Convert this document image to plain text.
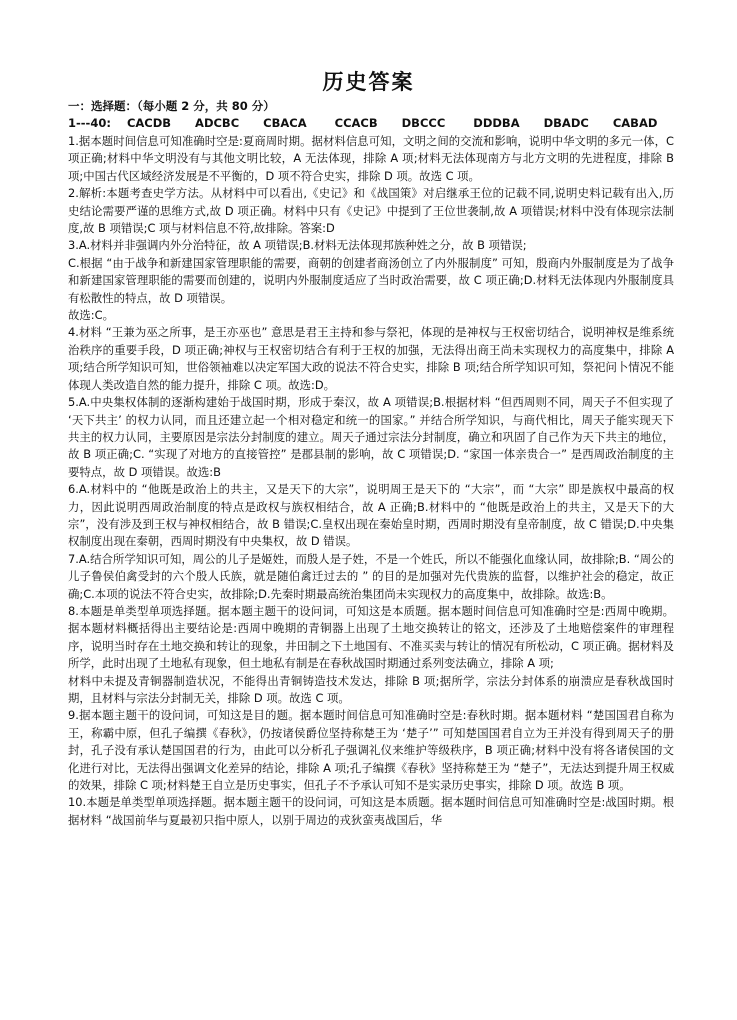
历史答案
一：选择题：（每小题 2 分，共 80 分）
1---40:    CACDB      ADCBC      CBACA       CCACB      DBCCC       DDDBA      DBADC      CABAD

1.据本题时间信息可知准确时空是:夏商周时期。据材料信息可知，文明之间的交流和影响，说明中华文明的多元一体，C 项正确;材料中华文明没有与其他文明比较，A 无法体现，排除 A 项;材料无法体现南方与北方文明的先进程度，排除 B 项;中国古代区域经济发展是不平衡的，D 项不符合史实，排除 D 项。故选 C 项。

2.解析:本题考查史学方法。从材料中可以看出,《史记》和《战国策》对启继承王位的记载不同,说明史料记载有出入,历史结论需要严谨的思维方式,故 D 项正确。材料中只有《史记》中提到了王位世袭制,故 A 项错误;材料中没有体现宗法制度,故 B 项错误;C 项与材料信息不符,故排除。答案:D

3.A.材料并非强调内外分治特征，故 A 项错误;B.材料无法体现邦族种姓之分，故 B 项错误;

C.根据 “由于战争和新建国家管理职能的需要，商朝的创建者商汤创立了内外服制度” 可知，殷商内外服制度是为了战争和新建国家管理职能的需要而创建的，说明内外服制度适应了当时政治需要，故 C 项正确;D.材料无法体现内外服制度具有松散性的特点，故 D 项错误。

故选:C。

4.材料 “王兼为巫之所事，是王亦巫也” 意思是君王主持和参与祭祀，体现的是神权与王权密切结合，说明神权是维系统治秩序的重要手段，D 项正确;神权与王权密切结合有利于王权的加强，无法得出商王尚未实现权力的高度集中，排除 A 项;结合所学知识可知，世俗领袖难以决定军国大政的说法不符合史实，排除 B 项;结合所学知识可知，祭祀问卜情况不能体现人类改造自然的能力提升，排除 C 项。故选:D。

5.A.中央集权体制的逐渐构建始于战国时期，形成于秦汉，故 A 项错误;B.根据材料 “但西周则不同，周天子不但实现了 ‘天下共主’ 的权力认同，而且还建立起一个相对稳定和统一的国家。” 并结合所学知识，与商代相比，周天子能实现天下共主的权力认同，主要原因是宗法分封制度的建立。周天子通过宗法分封制度，确立和巩固了自己作为天下共主的地位，故 B 项正确;C. “实现了对地方的直接管控” 是郡县制的影响，故 C 项错误;D. “家国一体亲贵合一” 是西周政治制度的主要特点，故 D 项错误。故选:B

6.A.材料中的 “他既是政治上的共主，又是天下的大宗”，说明周王是天下的 “大宗”，而 “大宗” 即是族权中最高的权力，因此说明西周政治制度的特点是政权与族权相结合，故 A 正确;B.材料中的 “他既是政治上的共主，又是天下的大宗”，没有涉及到王权与神权相结合，故 B 错误;C.皇权出现在秦始皇时期，西周时期没有皇帝制度，故 C 错误;D.中央集权制度出现在秦朝，西周时期没有中央集权，故 D 错误。

7.A.结合所学知识可知，周公的儿子是姬姓，而殷人是子姓，不是一个姓氏，所以不能强化血缘认同，故排除;B. “周公的儿子鲁侯伯禽受封的六个殷人氏族，就是随伯禽迁过去的 ” 的目的是加强对先代贵族的监督，以维护社会的稳定，故正确;C.本项的说法不符合史实，故排除;D.先秦时期最高统治集团尚未实现权力的高度集中，故排除。故选:B。

8.本题是单类型单项选择题。据本题主题干的设问词，可知这是本质题。据本题时间信息可知准确时空是:西周中晚期。据本题材料概括得出主要结论是:西周中晚期的青铜器上出现了土地交换转让的铭文，还涉及了土地赔偿案件的审理程序，说明当时存在土地交换和转让的现象，井田制之下土地国有、不准买卖与转让的情况有所松动，C 项正确。据材料及所学，此时出现了土地私有现象，但土地私有制是在春秋战国时期通过系列变法确立，排除 A 项;

材料中未提及青铜器制造状况，不能得出青铜铸造技术发达，排除 B 项;据所学，宗法分封体系的崩溃应是春秋战国时期，且材料与宗法分封制无关，排除 D 项。故选 C 项。

9.据本题主题干的设问词，可知这是目的题。据本题时间信息可知准确时空是:春秋时期。据本题材料 “楚国国君自称为王，称霸中原，但孔子编撰《春秋》，仍按诸侯爵位坚持称楚王为 ‘楚子’” 可知楚国国君自立为王并没有得到周天子的册封，孔子没有承认楚国国君的行为，由此可以分析孔子强调礼仪来维护等级秩序，B 项正确;材料中没有将各诸侯国的文化进行对比，无法得出强调文化差异的结论，排除 A 项;孔子编撰《春秋》坚持称楚王为 “楚子”，无法达到提升周王权威的效果，排除 C 项;材料楚王自立是历史事实，但孔子不予承认可知不是实录历史事实，排除 D 项。故选 B 项。

10.本题是单类型单项选择题。据本题主题干的设问词，可知这是本质题。据本题时间信息可知准确时空是:战国时期。根据材料 “战国前华与夏最初只指中原人，以别于周边的戎狄蛮夷战国后，华
